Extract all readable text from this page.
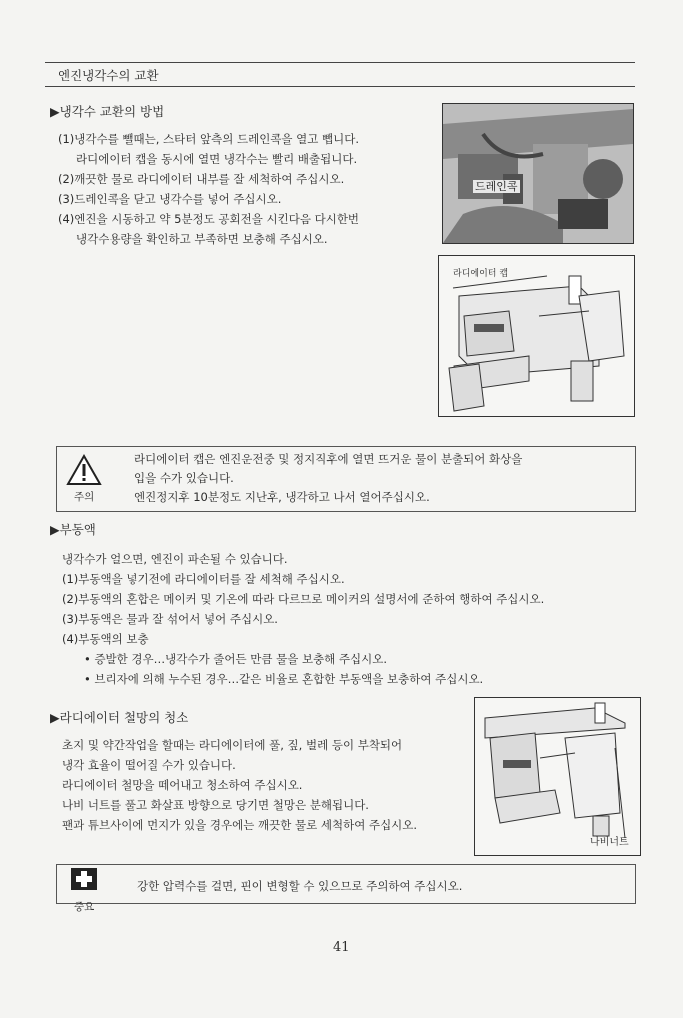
엔진냉각수의 교환
▶냉각수 교환의 방법
(1)냉각수를 뺄때는, 스타터 앞측의 드레인콕을 열고 뺍니다.
라디에이터 캡을 동시에 열면 냉각수는 빨리 배출됩니다.
(2)깨끗한 물로 라디에이터 내부를 잘 세척하여 주십시오.
(3)드레인콕을 닫고 냉각수를 넣어 주십시오.
(4)엔진을 시동하고 약 5분정도 공회전을 시킨다음 다시한번
냉각수용량을 확인하고 부족하면 보충해 주십시오.
드레인콕
라디에이터 캡
주의
라디에이터 캡은 엔진운전중 및 정지직후에 열면 뜨거운 물이 분출되어 화상을
입을 수가 있습니다.
엔진정지후 10분정도 지난후, 냉각하고 나서 열어주십시오.
▶부동액
냉각수가 얼으면, 엔진이 파손될 수 있습니다.
(1)부동액을 넣기전에 라디에이터를 잘 세척해 주십시오.
(2)부동액의 혼합은 메이커 및 기온에 따라 다르므로 메이커의 설명서에 준하여 행하여 주십시오.
(3)부동액은 물과 잘 섞어서 넣어 주십시오.
(4)부동액의 보충
• 증발한 경우…냉각수가 줄어든 만큼 물을 보충해 주십시오.
• 브리자에 의해 누수된 경우…같은 비율로 혼합한 부동액을 보충하여 주십시오.
▶라디에이터 철망의 청소
초지 및 약간작업을 할때는 라디에이터에 풀, 짚, 벌레 등이 부착되어
냉각 효율이 떨어질 수가 있습니다.
라디에이터 철망을 떼어내고 청소하여 주십시오.
나비 너트를 풀고 화살표 방향으로 당기면 철망은 분해됩니다.
팬과 튜브사이에 먼지가 있을 경우에는 깨끗한 물로 세척하여 주십시오.
나비너트
중요
강한 압력수를 걸면, 핀이 변형할 수 있으므로 주의하여 주십시오.
41
